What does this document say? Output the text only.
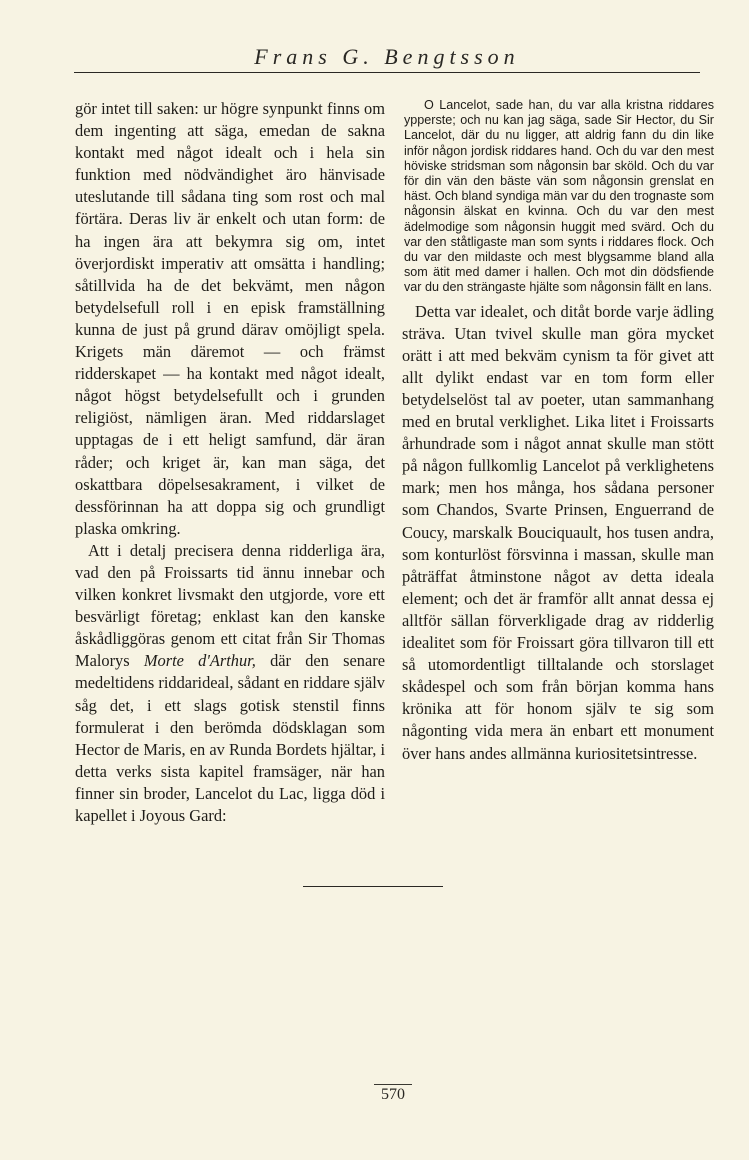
Frans G. Bengtsson

gör intet till saken: ur högre synpunkt finns om dem ingenting att säga, emedan de sakna kontakt med något idealt och i hela sin funktion med nödvändighet äro hänvisade uteslutande till sådana ting som rost och mal förtära. Deras liv är enkelt och utan form: de ha ingen ära att bekymra sig om, intet överjordiskt imperativ att omsätta i handling; såtillvida ha de det bekvämt, men någon betydelsefull roll i en episk framställning kunna de just på grund därav omöjligt spela. Krigets män däremot — och främst ridderskapet — ha kontakt med något idealt, något högst betydelsefullt och i grunden religiöst, nämligen äran. Med riddarslaget upptagas de i ett heligt samfund, där äran råder; och kriget är, kan man säga, det oskattbara döpelsesakrament, i vilket de dessförinnan ha att doppa sig och grundligt plaska omkring.

Att i detalj precisera denna ridderliga ära, vad den på Froissarts tid ännu innebar och vilken konkret livsmakt den utgjorde, vore ett besvärligt företag; enklast kan den kanske åskådliggöras genom ett citat från Sir Thomas Malorys Morte d'Arthur, där den senare medeltidens riddarideal, sådant en riddare själv såg det, i ett slags gotisk stenstil finns formulerat i den berömda dödsklagan som Hector de Maris, en av Runda Bordets hjältar, i detta verks sista kapitel framsäger, när han finner sin broder, Lancelot du Lac, ligga död i kapellet i Joyous Gard:

O Lancelot, sade han, du var alla kristna riddares ypperste; och nu kan jag säga, sade Sir Hector, du Sir Lancelot, där du nu ligger, att aldrig fann du din like inför någon jordisk riddares hand. Och du var den mest höviske stridsman som någonsin bar sköld. Och du var för din vän den bäste vän som någonsin grenslat en häst. Och bland syndiga män var du den trognaste som någonsin älskat en kvinna. Och du var den mest ädelmodige som någonsin huggit med svärd. Och du var den ståtligaste man som synts i riddares flock. Och du var den mildaste och mest blygsamme bland alla som ätit med damer i hallen. Och mot din dödsfiende var du den strängaste hjälte som någonsin fällt en lans.

Detta var idealet, och ditåt borde varje ädling sträva. Utan tvivel skulle man göra mycket orätt i att med bekväm cynism ta för givet att allt dylikt endast var en tom form eller betydelselöst tal av poeter, utan sammanhang med en brutal verklighet. Lika litet i Froissarts århundrade som i något annat skulle man stött på någon fullkomlig Lancelot på verklighetens mark; men hos många, hos sådana personer som Chandos, Svarte Prinsen, Enguerrand de Coucy, marskalk Bouciquault, hos tusen andra, som konturlöst försvinna i massan, skulle man påträffat åtminstone något av detta ideala element; och det är framför allt annat dessa ej alltför sällan förverkligade drag av ridderlig idealitet som för Froissart göra tillvaron till ett så utomordentligt tilltalande och storslaget skådespel och som från början komma hans krönika att för honom själv te sig som någonting vida mera än enbart ett monument över hans andes allmänna kuriositetsintresse.

570
